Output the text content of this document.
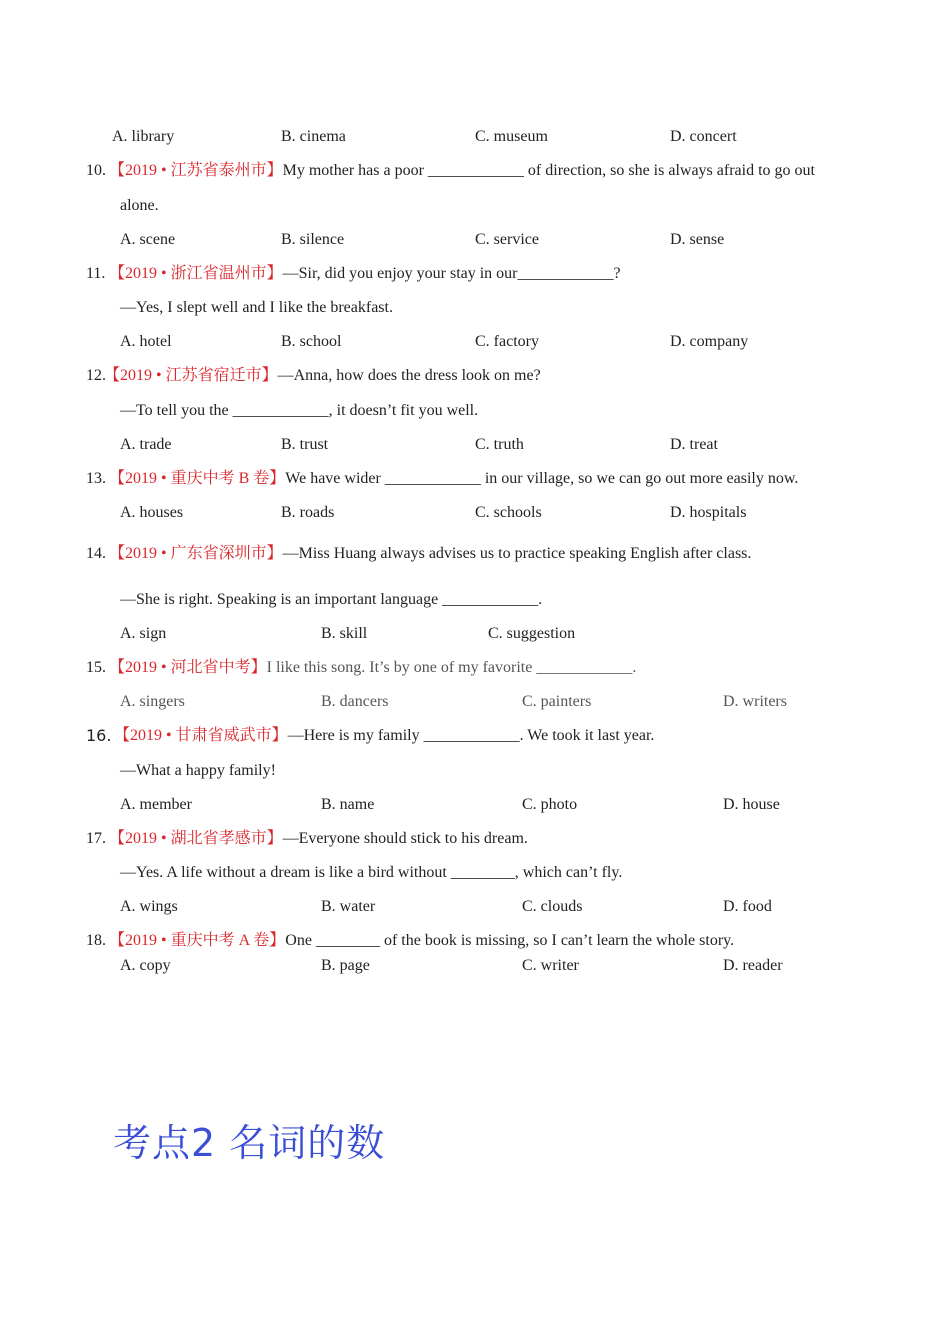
A. library	B. cinema	C. museum	D. concert
10. 【2019 • 江苏省泰州市】My mother has a poor ____________ of direction, so she is always afraid to go out
alone.
A. scene	B. silence	C. service	D. sense
11. 【2019 • 浙江省温州市】—Sir, did you enjoy your stay in our____________?
—Yes, I slept well and I like the breakfast.
A. hotel	B. school	C. factory	D. company
12.
【2019 • 江苏省宿迁市】—Anna, how does the dress look on me?
—To tell you the ____________, it doesn’t fit you well.
A. trade	B. trust	C. truth	D. treat
13. 【2019 • 重庆中考 B 卷】We have wider ____________ in our village, so we can go out more easily now.
A. houses	B. roads	C. schools	D. hospitals
14. 【2019 • 广东省深圳市】—Miss Huang always advises us to practice speaking English after class.
—She is right. Speaking is an important language ____________.
A. sign	B. skill	C. suggestion
15. 【2019 • 河北省中考】I like this song. It’s by one of my favorite ____________.
A. singers	B. dancers	C. painters	D. writers
16. 【2019 • 甘肃省威武市】—Here is my family ____________. We took it last year.
—What a happy family!
A. member	B. name	C. photo	D. house
17. 【2019 • 湖北省孝感市】—Everyone should stick to his dream.
—Yes. A life without a dream is like a bird without ________, which can’t fly.
A. wings	B. water	C. clouds	D. food
18. 【2019 • 重庆中考 A 卷】One ________ of the book is missing, so I can’t learn the whole story.
A. copy	B. page	C. writer	D. reader
考点2 名词的数
